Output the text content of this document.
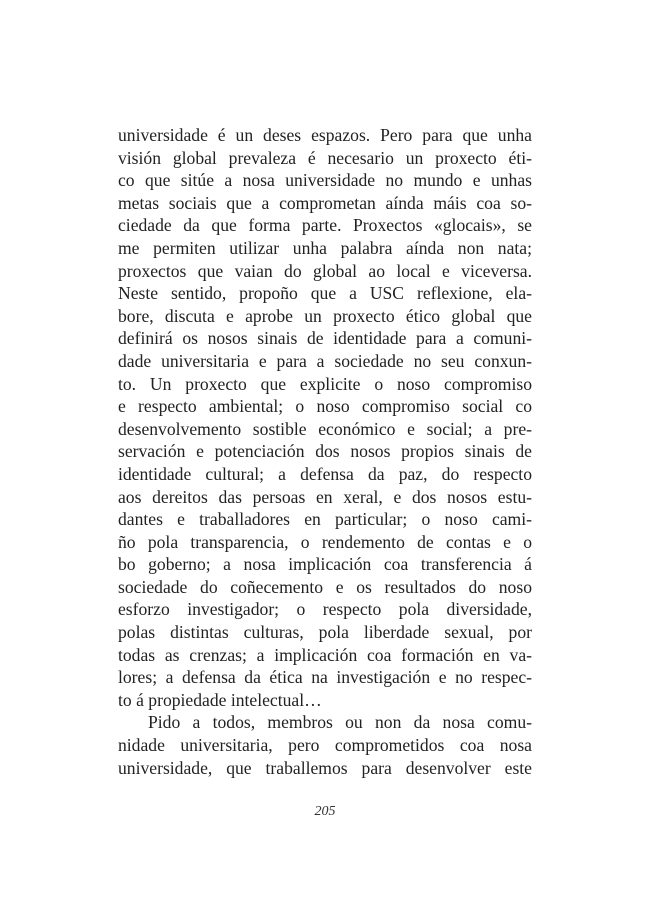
universidade é un deses espazos. Pero para que unha
visión global prevaleza é necesario un proxecto éti-
co que sitúe a nosa universidade no mundo e unhas
metas sociais que a comprometan aínda máis coa so-
ciedade da que forma parte. Proxectos «glocais», se
me permiten utilizar unha palabra aínda non nata;
proxectos que vaian do global ao local e viceversa.
Neste sentido, propoño que a USC reflexione, ela-
bore, discuta e aprobe un proxecto ético global que
definirá os nosos sinais de identidade para a comuni-
dade universitaria e para a sociedade no seu conxun-
to. Un proxecto que explicite o noso compromiso
e respecto ambiental; o noso compromiso social co
desenvolvemento sostible económico e social; a pre-
servación e potenciación dos nosos propios sinais de
identidade cultural; a defensa da paz, do respecto
aos dereitos das persoas en xeral, e dos nosos estu-
dantes e traballadores en particular; o noso cami-
ño pola transparencia, o rendemento de contas e o
bo goberno; a nosa implicación coa transferencia á
sociedade do coñecemento e os resultados do noso
esforzo investigador; o respecto pola diversidade,
polas distintas culturas, pola liberdade sexual, por
todas as crenzas; a implicación coa formación en va-
lores; a defensa da ética na investigación e no respec-
to á propiedade intelectual…
Pido a todos, membros ou non da nosa comu-
nidade universitaria, pero comprometidos coa nosa
universidade, que traballemos para desenvolver este
205
